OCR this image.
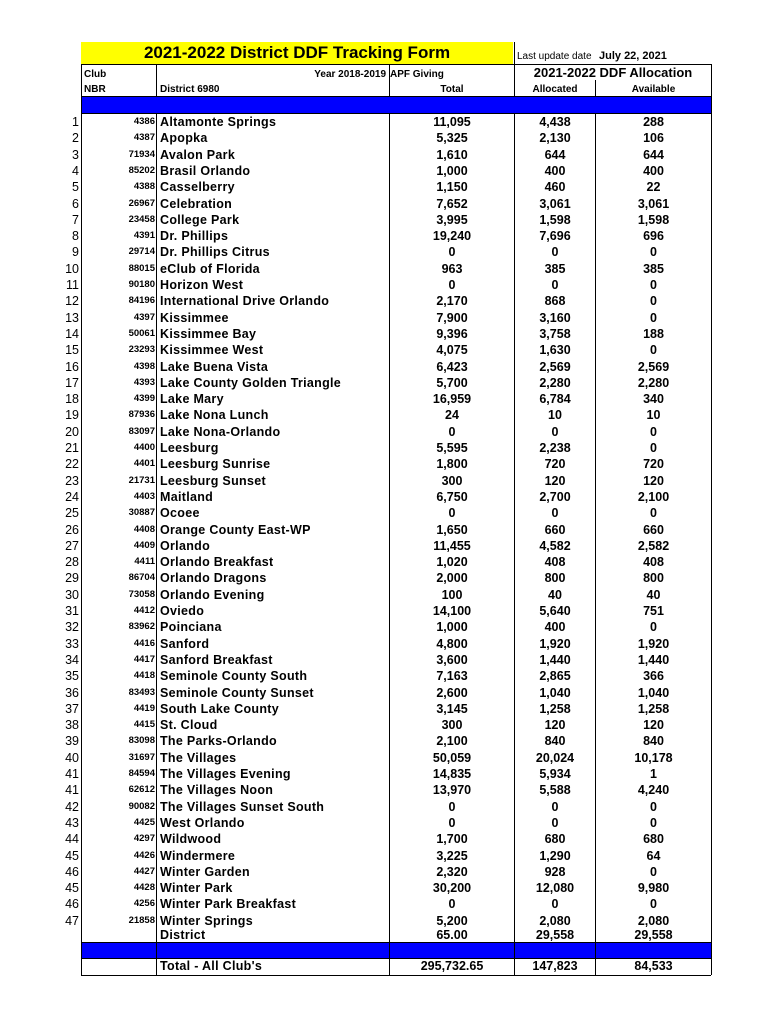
2021-2022 District DDF Tracking Form	Last update date July 22, 2021
2021-2022 DDF Allocation
Club
NBR	District 6980
Year 2018-2019 APF Giving
Total	Allocated	Available
1	4386 Altamonte Springs	11,095	4,438	288
2	4387 Apopka	5,325	2,130	106
3	71934 Avalon Park	1,610	644	644
4	85202 Brasil Orlando	1,000	400	400
5	4388 Casselberry	1,150	460	22
6	26967 Celebration	7,652	3,061	3,061
7	23458 College Park	3,995	1,598	1,598
8	4391 Dr. Phillips	19,240	7,696	696
9	29714 Dr. Phillips Citrus	0	0	0
10	88015 eClub of Florida	963	385	385
11	90180 Horizon West	0	0	0
12	84196 International Drive Orlando	2,170	868	0
13	4397 Kissimmee	7,900	3,160	0
14	50061 Kissimmee Bay	9,396	3,758	188
15	23293 Kissimmee West	4,075	1,630	0
16	4398 Lake Buena Vista	6,423	2,569	2,569
17	4393 Lake County Golden Triangle	5,700	2,280	2,280
18	4399 Lake Mary	16,959	6,784	340
19	87936 Lake Nona Lunch	24	10	10
20	83097 Lake Nona-Orlando	0	0	0
21	4400 Leesburg	5,595	2,238	0
22	4401 Leesburg Sunrise	1,800	720	720
23	21731 Leesburg Sunset	300	120	120
24	4403 Maitland	6,750	2,700	2,100
25	30887 Ocoee	0	0	0
26	4408 Orange County East-WP	1,650	660	660
27	4409 Orlando	11,455	4,582	2,582
28	4411 Orlando Breakfast	1,020	408	408
29	86704 Orlando Dragons	2,000	800	800
30	73058 Orlando Evening	100	40	40
31	4412 Oviedo	14,100	5,640	751
32	83962 Poinciana	1,000	400	0
33	4416 Sanford	4,800	1,920	1,920
34	4417 Sanford Breakfast	3,600	1,440	1,440
35	4418 Seminole County South	7,163	2,865	366
36	83493 Seminole County Sunset	2,600	1,040	1,040
37	4419 South Lake County	3,145	1,258	1,258
38	4415 St. Cloud	300	120	120
39	83098 The Parks-Orlando	2,100	840	840
40	31697 The Villages	50,059	20,024	10,178
41	84594 The Villages Evening	14,835	5,934	1
41	62612 The Villages Noon	13,970	5,588	4,240
42	90082 The Villages Sunset South	0	0	0
43	4425 West Orlando	0	0	0
44	4297 Wildwood	1,700	680	680
45	4426 Windermere	3,225	1,290	64
46	4427 Winter Garden	2,320	928	0
45	4428 Winter Park	30,200	12,080	9,980
46	4256 Winter Park Breakfast	0	0	0
47	21858 Winter Springs	5,200	2,080	2,080
District	65.00	29,558	29,558
Total - All Club's	295,732.65	147,823	84,533
